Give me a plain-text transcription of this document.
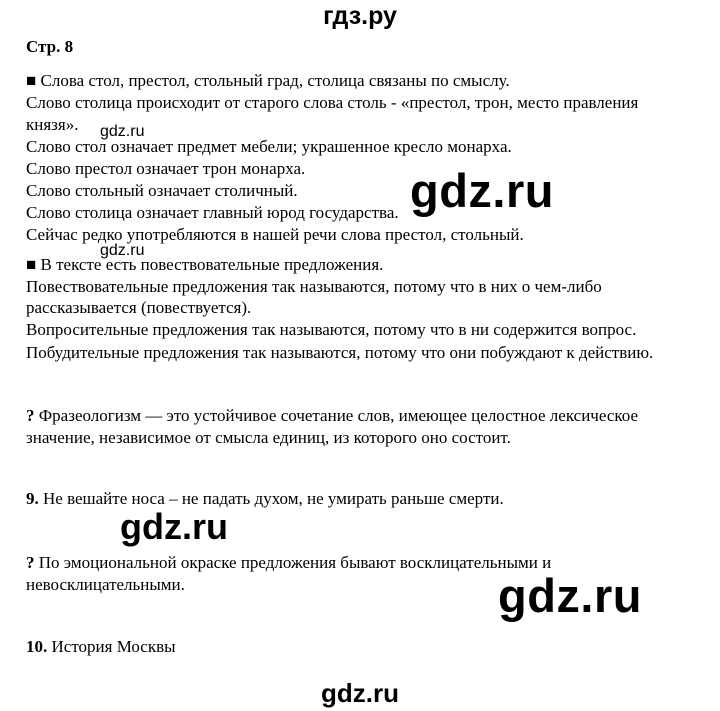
гдз.ру
Стр. 8
■ Слова стол, престол, стольный град, столица связаны по смыслу.
Слово столица происходит от старого слова столь - «престол, трон, место правления
князя».
Слово стол означает предмет мебели; украшенное кресло монарха.
Слово престол означает трон монарха.
Слово стольный означает столичный.
Слово столица означает главный юрод государства.
Сейчас редко употребляются в нашей речи слова престол, стольный.
■ В тексте есть повествовательные предложения.
Повествовательные предложения так называются, потому что в них о чем-либо
рассказывается (повествуется).
Вопросительные предложения так называются, потому что в ни содержится вопрос.
Побудительные предложения так называются, потому что они побуждают к действию.
? Фразеологизм — это устойчивое сочетание слов, имеющее целостное лексическое
значение, независимое от смысла единиц, из которого оно состоит.
9. Не вешайте носа – не падать духом, не умирать раньше смерти.
? По эмоциональной окраске предложения бывают восклицательными и
невосклицательными.
10. История Москвы
gdz.ru
gdz.ru
gdz.ru
gdz.ru
gdz.ru
gdz.ru
